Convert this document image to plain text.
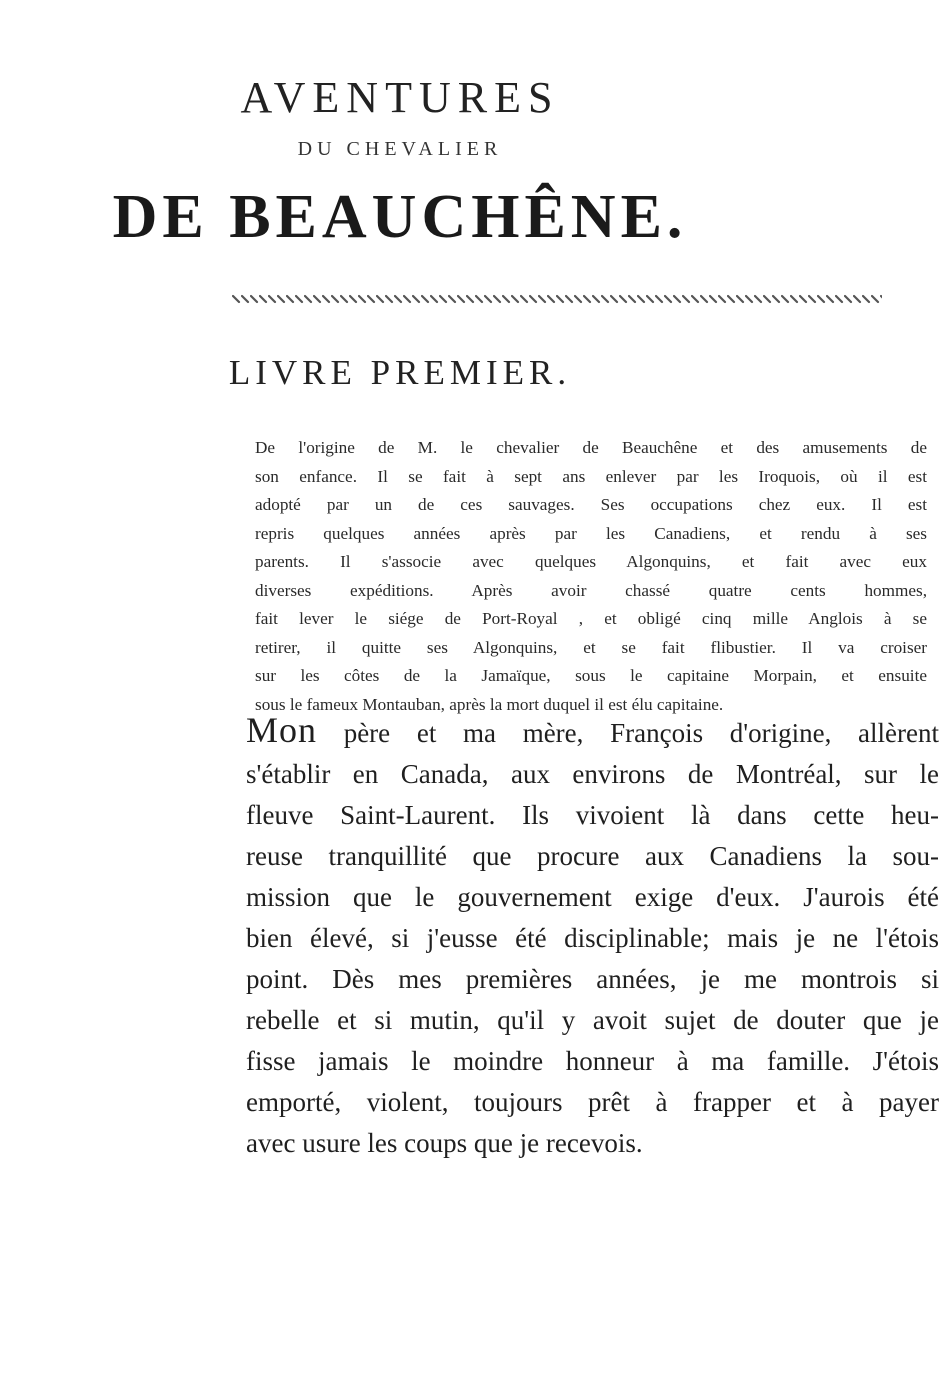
AVENTURES
DU CHEVALIER
DE BEAUCHÊNE.
LIVRE PREMIER.
De l'origine de M. le chevalier de Beauchêne et des amusements de
son enfance. Il se fait à sept ans enlever par les Iroquois, où il est
adopté par un de ces sauvages. Ses occupations chez eux. Il est
repris quelques années après par les Canadiens, et rendu à ses
parents. Il s'associe avec quelques Algonquins, et fait avec eux
diverses expéditions. Après avoir chassé quatre cents hommes,
fait lever le siége de Port-Royal , et obligé cinq mille Anglois à se
retirer, il quitte ses Algonquins, et se fait flibustier. Il va croiser
sur les côtes de la Jamaïque, sous le capitaine Morpain, et ensuite
sous le fameux Montauban, après la mort duquel il est élu capitaine.
Mon père et ma mère, François d'origine, allèrent
s'établir en Canada, aux environs de Montréal, sur le
fleuve Saint-Laurent. Ils vivoient là dans cette heu-
reuse tranquillité que procure aux Canadiens la sou-
mission que le gouvernement exige d'eux. J'aurois été
bien élevé, si j'eusse été disciplinable; mais je ne l'étois
point. Dès mes premières années, je me montrois si
rebelle et si mutin, qu'il y avoit sujet de douter que je
fisse jamais le moindre honneur à ma famille. J'étois
emporté, violent, toujours prêt à frapper et à payer
avec usure les coups que je recevois.
